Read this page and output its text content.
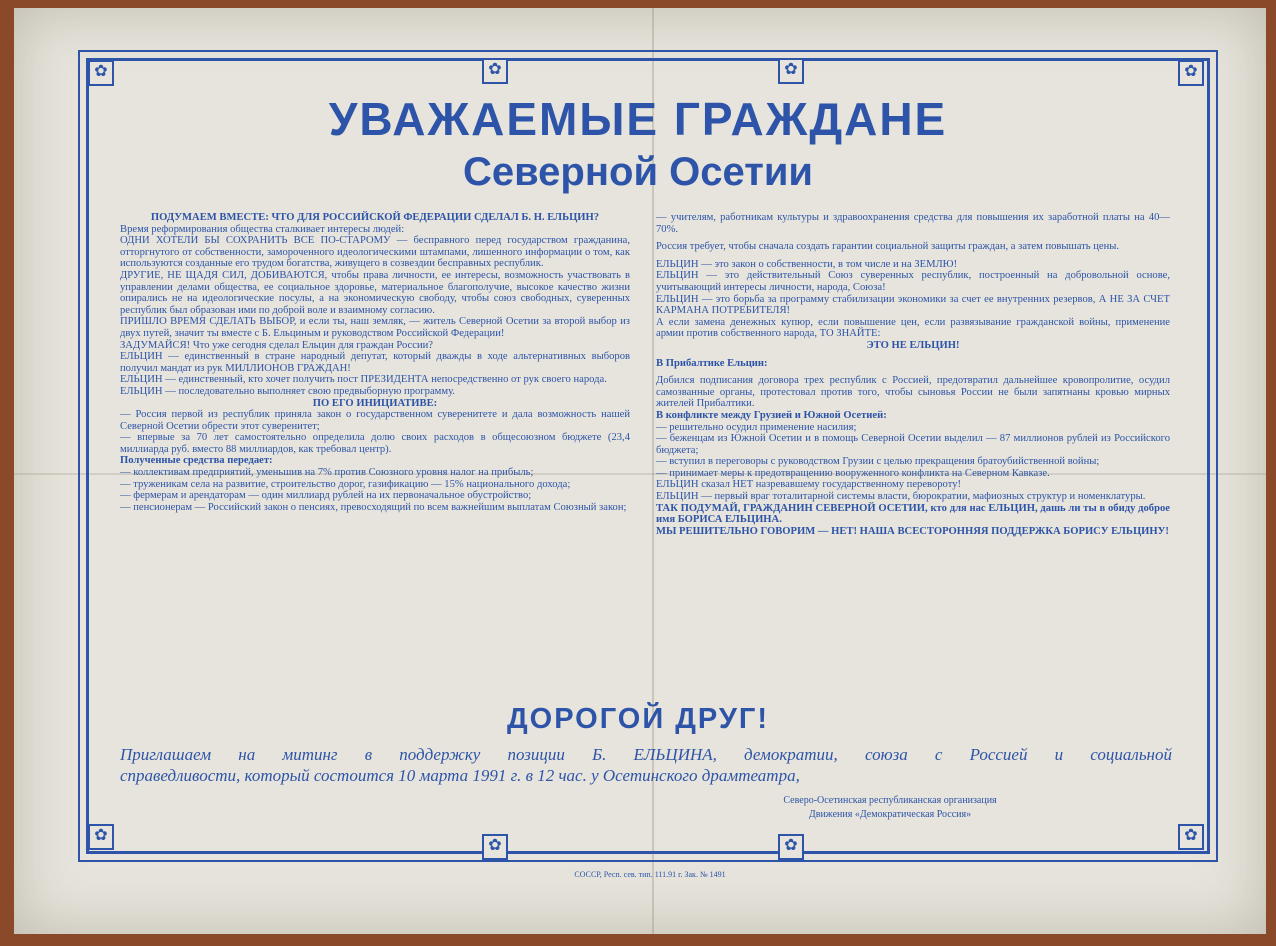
✿	✿
✿	✿
✿	✿
✿	✿
УВАЖАЕМЫЕ ГРАЖДАНЕ
Северной Осетии

ПОДУМАЕМ ВМЕСТЕ: ЧТО ДЛЯ РОССИЙСКОЙ ФЕДЕРАЦИИ СДЕЛАЛ Б. Н. ЕЛЬЦИН?

Время реформирования общества сталкивает интересы людей:

ОДНИ ХОТЕЛИ БЫ СОХРАНИТЬ ВСЕ ПО-СТАРОМУ — бесправного перед государством гражданина, отторгнутого от собственности, замороченного идеологическими штампами, лишенного информации о том, как используются созданные его трудом богатства, живущего в созвездии бесправных республик.

ДРУГИЕ, НЕ ЩАДЯ СИЛ, ДОБИВАЮТСЯ, чтобы права личности, ее интересы, возможность участвовать в управлении делами общества, ее социальное здоровье, материальное благополучие, высокое качество жизни опирались не на идеологические посулы, а на экономическую свободу, чтобы союз свободных, суверенных республик был образован ими по доброй воле и взаимному согласию.

ПРИШЛО ВРЕМЯ СДЕЛАТЬ ВЫБОР, и если ты, наш земляк, — житель Северной Осетии за второй выбор из двух путей, значит ты вместе с Б. Ельциным и руководством Российской Федерации!

ЗАДУМАЙСЯ! Что уже сегодня сделал Ельцин для граждан России?

ЕЛЬЦИН — единственный в стране народный депутат, который дважды в ходе альтернативных выборов получил мандат из рук МИЛЛИОНОВ ГРАЖДАН!

ЕЛЬЦИН — единственный, кто хочет получить пост ПРЕЗИДЕНТА непосредственно от рук своего народа.

ЕЛЬЦИН — последовательно выполняет свою предвыборную программу.

ПО ЕГО ИНИЦИАТИВЕ:

— Россия первой из республик приняла закон о государственном суверенитете и дала возможность нашей Северной Осетии обрести этот суверенитет;

— впервые за 70 лет самостоятельно определила долю своих расходов в общесоюзном бюджете (23,4 миллиарда руб. вместо 88 миллиардов, как требовал центр).

Полученные средства передает:

— коллективам предприятий, уменьшив на 7% против Союзного уровня налог на прибыль;

— труженикам села на развитие, строительство дорог, газификацию — 15% национального дохода;

— фермерам и арендаторам — один миллиард рублей на их первоначальное обустройство;

— пенсионерам — Российский закон о пенсиях, превосходящий по всем важнейшим выплатам Союзный закон;

— учителям, работникам культуры и здравоохранения средства для повышения их заработной платы на 40—70%.

Россия требует, чтобы сначала создать гарантии социальной защиты граждан, а затем повышать цены.

ЕЛЬЦИН — это закон о собственности, в том числе и на ЗЕМЛЮ!

ЕЛЬЦИН — это действительный Союз суверенных республик, построенный на добровольной основе, учитывающий интересы личности, народа, Союза!

ЕЛЬЦИН — это борьба за программу стабилизации экономики за счет ее внутренних резервов, А НЕ ЗА СЧЕТ КАРМАНА ПОТРЕБИТЕЛЯ!

А если замена денежных купюр, если повышение цен, если развязывание гражданской войны, применение армии против собственного народа, ТО ЗНАЙТЕ:

ЭТО НЕ ЕЛЬЦИН!

В Прибалтике Ельцин:

Добился подписания договора трех республик с Россией, предотвратил дальнейшее кровопролитие, осудил самозванные органы, протестовал против того, чтобы сыновья России не были запятнаны кровью мирных жителей Прибалтики.

В конфликте между Грузией и Южной Осетией:

— решительно осудил применение насилия;

— беженцам из Южной Осетии и в помощь Северной Осетии выделил — 87 миллионов рублей из Российского бюджета;

— вступил в переговоры с руководством Грузии с целью прекращения братоубийственной войны;

— принимает меры к предотвращению вооруженного конфликта на Северном Кавказе.

ЕЛЬЦИН сказал НЕТ назревавшему государственному перевороту!

ЕЛЬЦИН — первый враг тоталитарной системы власти, бюрократии, мафиозных структур и номенклатуры.

ТАК ПОДУМАЙ, ГРАЖДАНИН СЕВЕРНОЙ ОСЕТИИ, кто для нас ЕЛЬЦИН, дашь ли ты в обиду доброе имя БОРИСА ЕЛЬЦИНА.

МЫ РЕШИТЕЛЬНО ГОВОРИМ — НЕТ! НАША ВСЕСТОРОННЯЯ ПОДДЕРЖКА БОРИСУ ЕЛЬЦИНУ!

ДОРОГОЙ ДРУГ!
Приглашаем на митинг в поддержку позиции Б. ЕЛЬЦИНА, демократии, союза с Россией и социальной
справедливости, который состоится 10 марта 1991 г. в 12 час. у Осетинского драмтеатра,
Северо-Осетинская республиканская организация
Движения «Демократическая Россия»
СОССР, Респ. сев. тип. 111.91 г. Зак. № 1491
